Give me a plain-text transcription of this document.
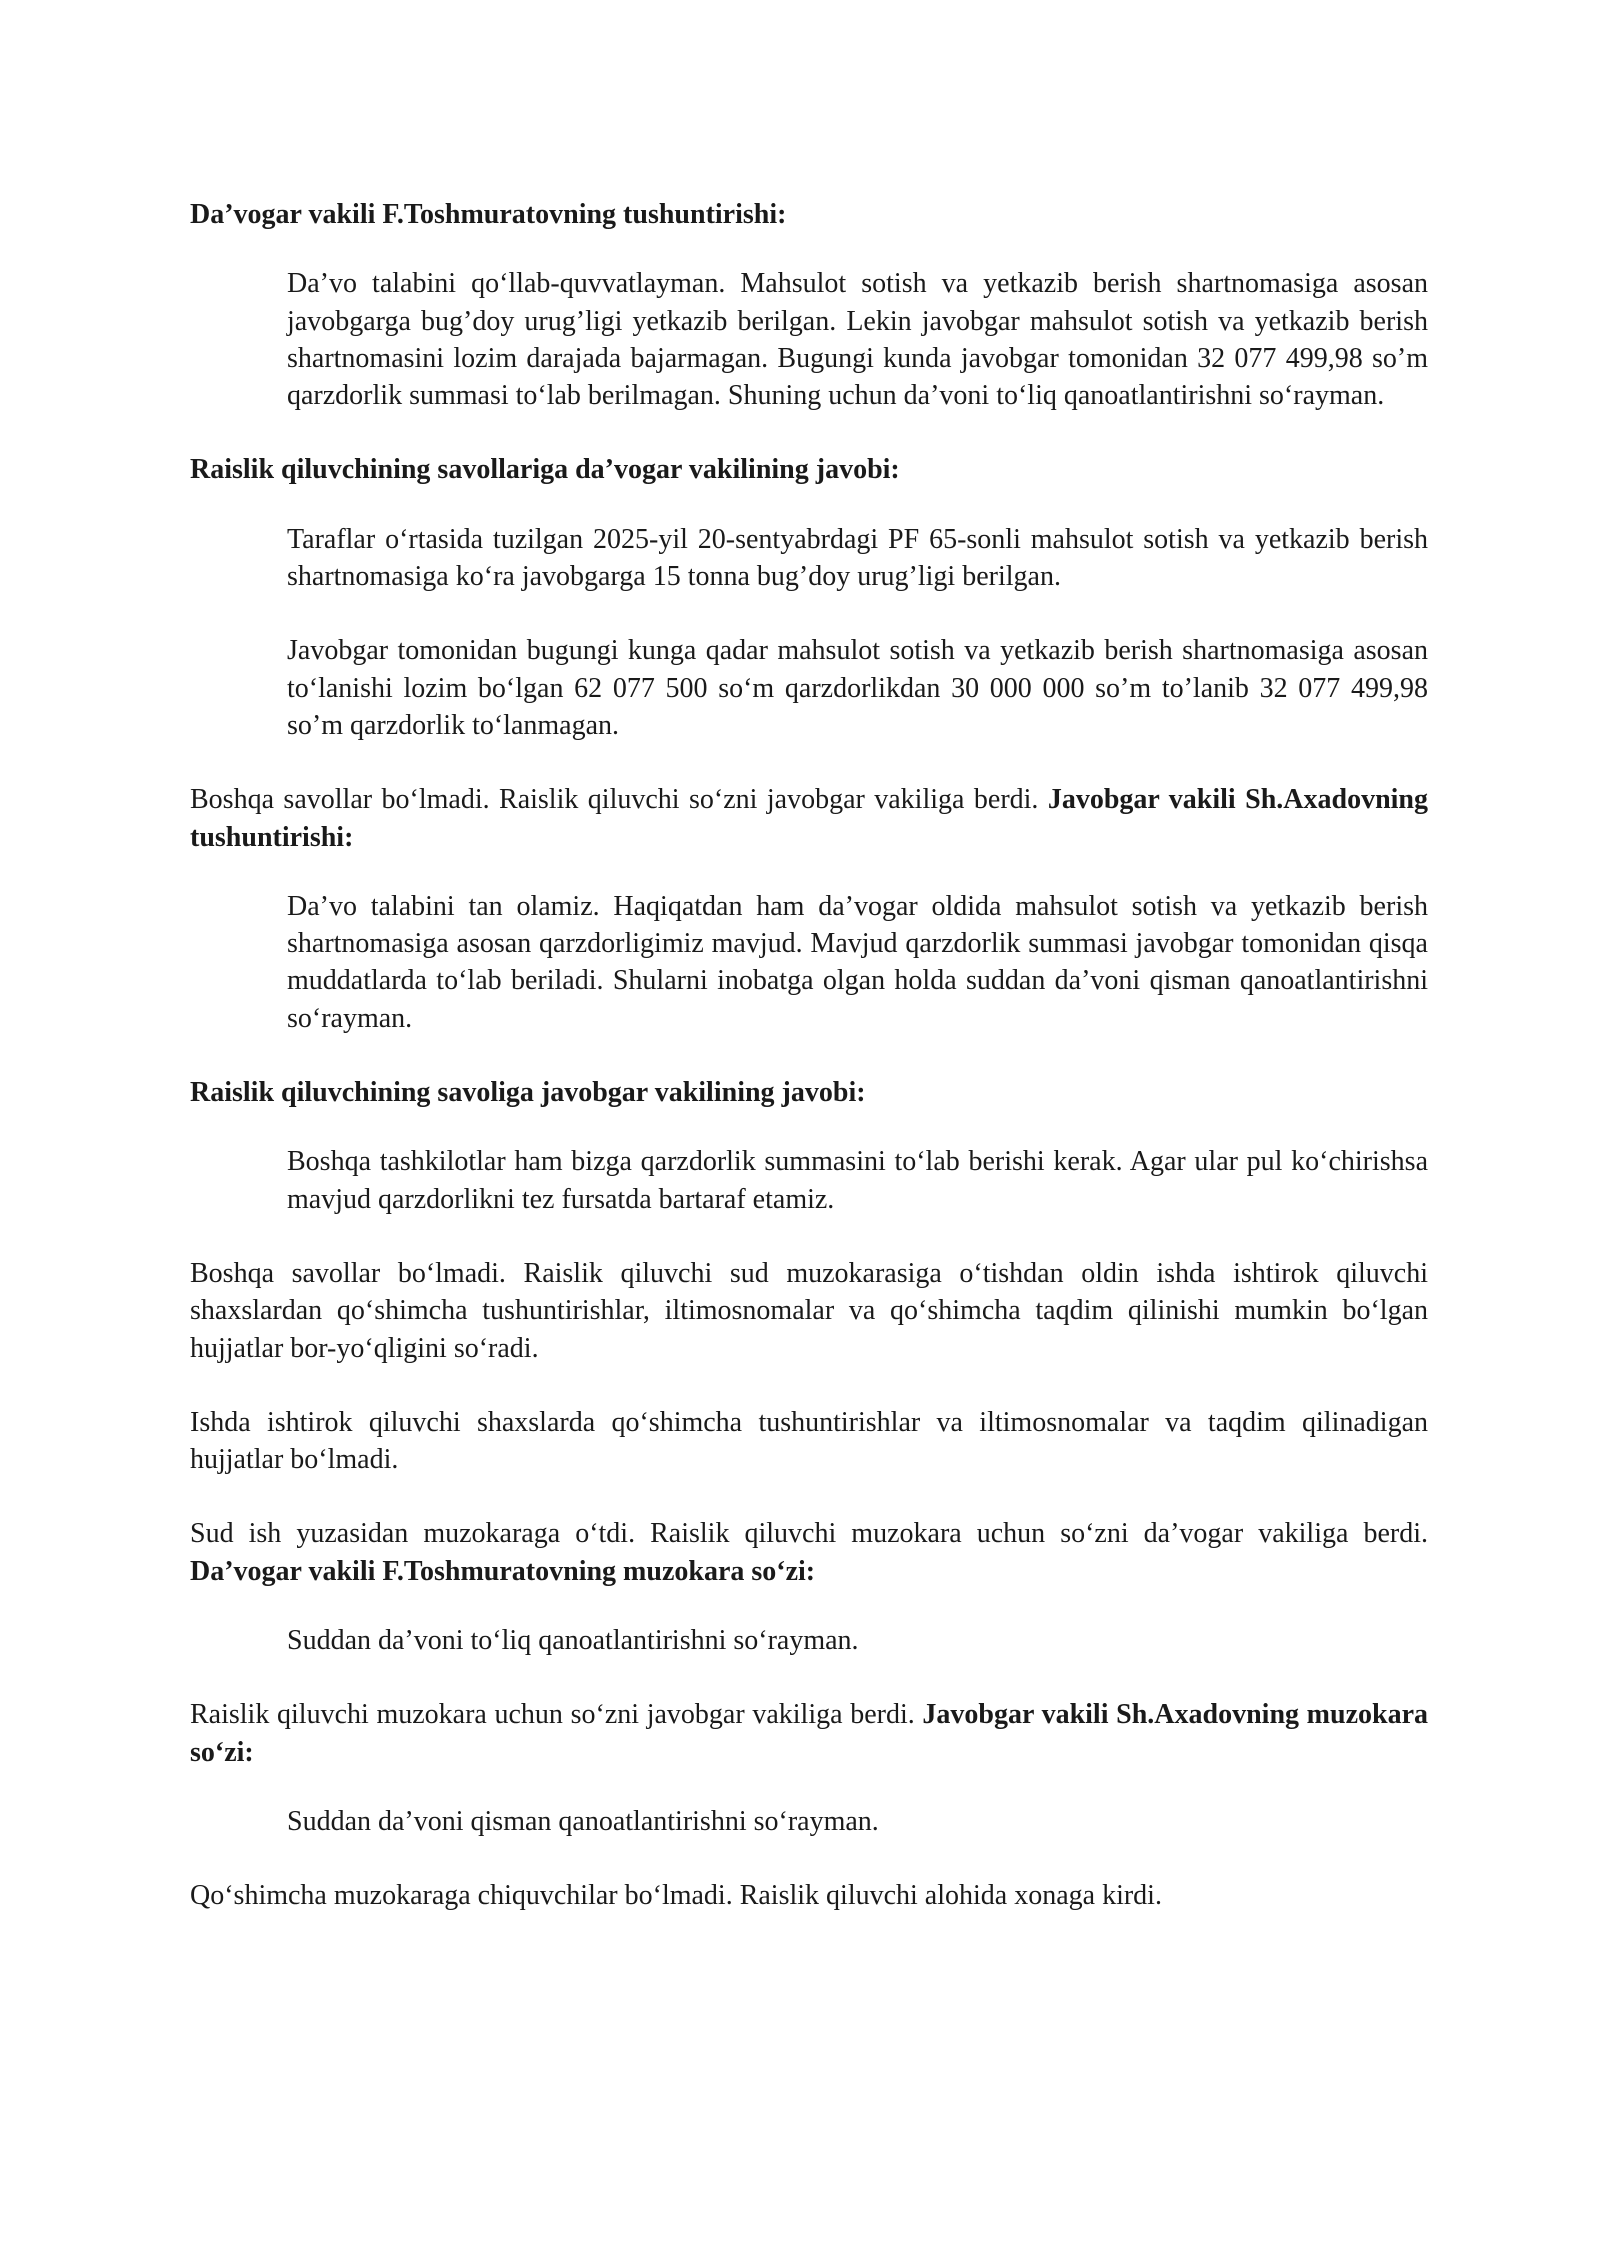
Da’vogar vakili F.Toshmuratovning tushuntirishi:

Da’vo talabini qo‘llab-quvvatlayman. Mahsulot sotish va yetkazib berish shartnomasiga asosan javobgarga bug’doy urug’ligi yetkazib berilgan. Lekin javobgar mahsulot sotish va yetkazib berish shartnomasini lozim darajada bajarmagan. Bugungi kunda javobgar tomonidan 32 077 499,98 so’m qarzdorlik summasi to‘lab berilmagan. Shuning uchun da’voni to‘liq qanoatlantirishni so‘rayman.

Raislik qiluvchining savollariga da’vogar vakilining javobi:

Taraflar o‘rtasida tuzilgan 2025-yil 20-sentyabrdagi PF 65-sonli mahsulot sotish va yetkazib berish shartnomasiga ko‘ra javobgarga 15 tonna bug’doy urug’ligi berilgan.

Javobgar tomonidan bugungi kunga qadar mahsulot sotish va yetkazib berish shartnomasiga asosan to‘lanishi lozim bo‘lgan 62 077 500 so‘m qarzdorlikdan 30 000 000 so’m to’lanib 32 077 499,98 so’m qarzdorlik to‘lanmagan.

Boshqa savollar bo‘lmadi. Raislik qiluvchi so‘zni javobgar vakiliga berdi. Javobgar vakili Sh.Axadovning tushuntirishi:

Da’vo talabini tan olamiz. Haqiqatdan ham da’vogar oldida mahsulot sotish va yetkazib berish shartnomasiga asosan qarzdorligimiz mavjud. Mavjud qarzdorlik summasi javobgar tomonidan qisqa muddatlarda to‘lab beriladi. Shularni inobatga olgan holda suddan da’voni qisman qanoatlantirishni so‘rayman.

Raislik qiluvchining savoliga javobgar vakilining javobi:

Boshqa tashkilotlar ham bizga qarzdorlik summasini to‘lab berishi kerak. Agar ular pul ko‘chirishsa mavjud qarzdorlikni tez fursatda bartaraf etamiz.

Boshqa savollar bo‘lmadi. Raislik qiluvchi sud muzokarasiga o‘tishdan oldin ishda ishtirok qiluvchi shaxslardan qo‘shimcha tushuntirishlar, iltimosnomalar va qo‘shimcha taqdim qilinishi mumkin bo‘lgan hujjatlar bor-yo‘qligini so‘radi.

Ishda ishtirok qiluvchi shaxslarda qo‘shimcha tushuntirishlar va iltimosnomalar va taqdim qilinadigan hujjatlar bo‘lmadi.

Sud ish yuzasidan muzokaraga o‘tdi. Raislik qiluvchi muzokara uchun so‘zni da’vogar vakiliga berdi. Da’vogar vakili F.Toshmuratovning muzokara so‘zi:

Suddan da’voni to‘liq qanoatlantirishni so‘rayman.

Raislik qiluvchi muzokara uchun so‘zni javobgar vakiliga berdi. Javobgar vakili Sh.Axadovning muzokara so‘zi:

Suddan da’voni qisman qanoatlantirishni so‘rayman.

Qo‘shimcha muzokaraga chiquvchilar bo‘lmadi. Raislik qiluvchi alohida xonaga kirdi.
